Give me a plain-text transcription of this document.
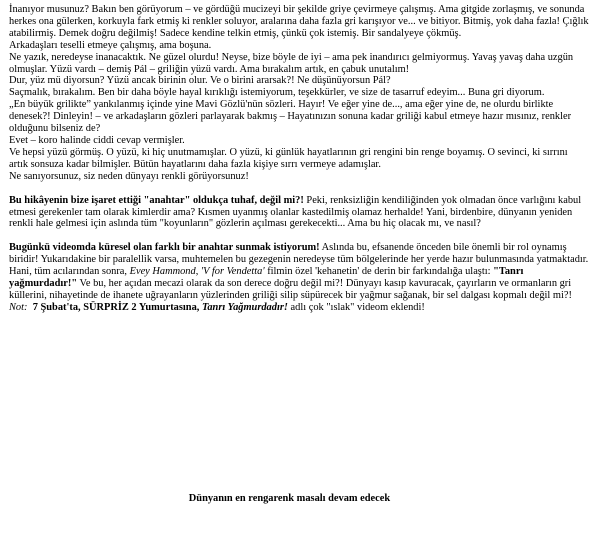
İnanıyor musunuz? Bakın ben görüyorum – ve gördüğü mucizeyi bir şekilde griye çevirmeye çalışmış. Ama gitgide zorlaşmış, ve sonunda herkes ona gülerken, korkuyla fark etmiş ki renkler soluyor, aralarına daha fazla gri karışıyor ve... ve bitiyor. Bitmiş, yok daha fazla! Çığlık atabilirmiş. Demek doğru değilmiş! Sadece kendine telkin etmiş, çünkü çok istemiş. Bir sandalyeye çökmüş.

Arkadaşları teselli etmeye çalışmış, ama boşuna.

Ne yazık, neredeyse inanacaktık. Ne güzel olurdu! Neyse, bize böyle de iyi – ama pek inandırıcı gelmiyormuş. Yavaş yavaş daha uzgün olmuşlar. Yüzü vardı – demiş Pál – griliğin yüzü vardı. Ama bırakalım artık, en çabuk unutalım!

Dur, yüz mü diyorsun? Yüzü ancak birinin olur. Ve o birini ararsak?! Ne düşünüyorsun Pál?

Saçmalık, bırakalım. Ben bir daha böyle hayal kırıklığı istemiyorum, teşekkürler, ve size de tasarruf edeyim... Buna gri diyorum.

„En büyük grilikte” yankılanmış içinde yine Mavi Gözlü'nün sözleri. Hayır! Ve eğer yine de..., ama eğer yine de, ne olurdu birlikte denesek?! Dinleyin! – ve arkadaşların gözleri parlayarak bakmış – Hayatınızın sonuna kadar griliği kabul etmeye hazır mısınız, renkler olduğunu bilseniz de?

Evet – koro halinde ciddi cevap vermişler.

Ve hepsi yüzü görmüş. O yüzü, ki hiç unutmamışlar. O yüzü, ki günlük hayatlarının gri rengini bin renge boyamış. O sevinci, ki sırrını artık sonsuza kadar bilmişler. Bütün hayatlarını daha fazla kişiye sırrı vermeye adamışlar.

Ne sanıyorsunuz, siz neden dünyayı renkli görüyorsunuz!

Bu hikâyenin bize işaret ettiği "anahtar" oldukça tuhaf, değil mi?! Peki, renksizliğin kendiliğinden yok olmadan önce varlığını kabul etmesi gerekenler tam olarak kimlerdir ama? Kısmen uyanmış olanlar kastedilmiş olamaz herhalde! Yani, birdenbire, dünyanın yeniden renkli hale gelmesi için aslında tüm "koyunların" gözlerin açılması gerekecekti... Ama bu hiç olacak mı, ve nasıl?

Bugünkü videomda küresel olan farklı bir anahtar sunmak istiyorum! Aslında bu, efsanende önceden bile önemli bir rol oynamış biridir! Yukarıdakine bir paralellik varsa, muhtemelen bu gezegenin neredeyse tüm bölgelerinde her yerde hazır bulunmasında yatmaktadır. Hani, tüm acılarından sonra, Evey Hammond, 'V for Vendetta' filmin özel 'kehanetin' de derin bir farkındalığa ulaştı: "Tanrı yağmurdadır!" Ve bu, her açıdan mecazi olarak da son derece doğru değil mi?! Dünyayı kasıp kavuracak, çayırların ve ormanların gri küllerini, nihayetinde de ihanete uğrayanların yüzlerinden griliği silip süpürecek bir yağmur sağanak, bir sel dalgası kopmalı değil mi?!

Not: 7 Şubat'ta, SÜRPRİZ 2 Yumurtasına, Tanrı Yağmurdadır! adlı çok "ıslak" videom eklendi!

Dünyanın en rengarenk masalı devam edecek
